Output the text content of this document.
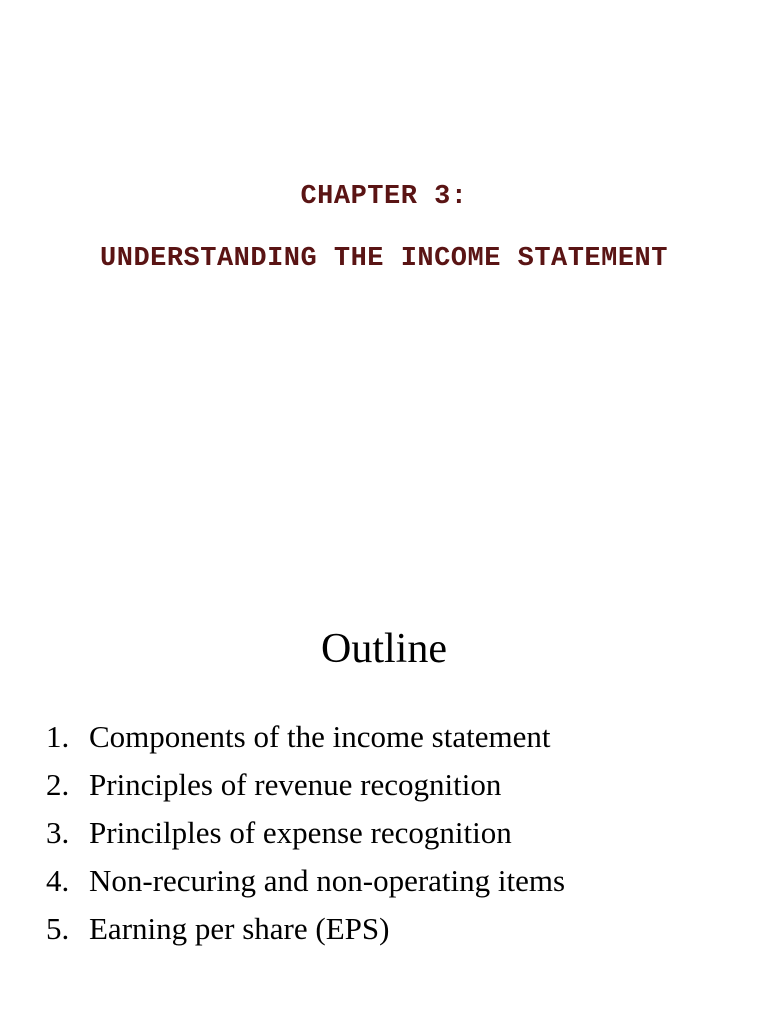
CHAPTER 3:
UNDERSTANDING THE INCOME STATEMENT
Outline
1. Components of the income statement
2. Principles of revenue recognition
3. Princilples of expense recognition
4. Non-recuring and non-operating items
5. Earning per share (EPS)
